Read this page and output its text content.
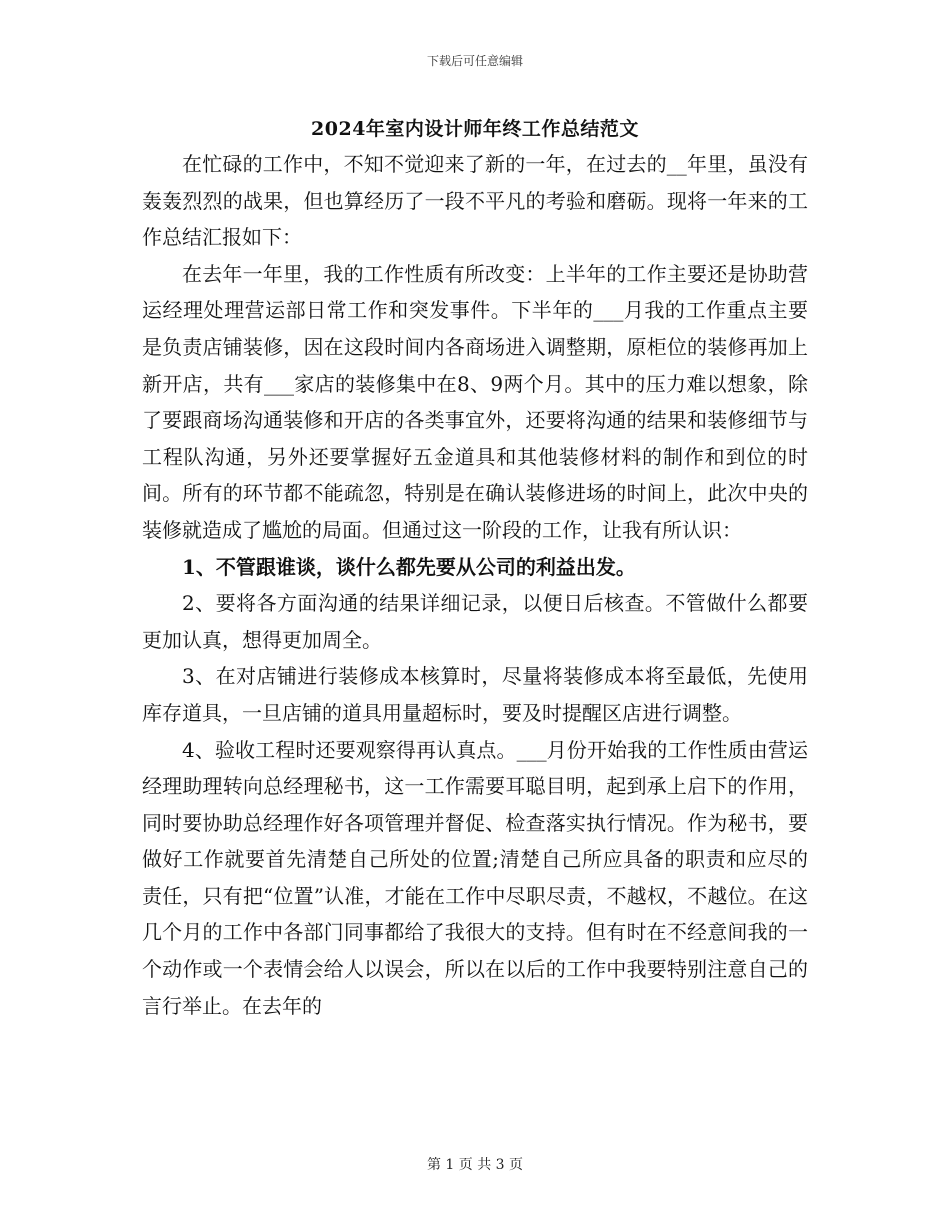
下载后可任意编辑
2024年室内设计师年终工作总结范文

在忙碌的工作中，不知不觉迎来了新的一年，在过去的__年里，虽没有轰轰烈烈的战果，但也算经历了一段不平凡的考验和磨砺。现将一年来的工作总结汇报如下：

在去年一年里，我的工作性质有所改变：上半年的工作主要还是协助营运经理处理营运部日常工作和突发事件。下半年的___月我的工作重点主要是负责店铺装修，因在这段时间内各商场进入调整期，原柜位的装修再加上新开店，共有___家店的装修集中在8、9两个月。其中的压力难以想象，除了要跟商场沟通装修和开店的各类事宜外，还要将沟通的结果和装修细节与工程队沟通，另外还要掌握好五金道具和其他装修材料的制作和到位的时间。所有的环节都不能疏忽，特别是在确认装修进场的时间上，此次中央的装修就造成了尴尬的局面。但通过这一阶段的工作，让我有所认识：

1、不管跟谁谈，谈什么都先要从公司的利益出发。

2、要将各方面沟通的结果详细记录，以便日后核查。不管做什么都要更加认真，想得更加周全。

3、在对店铺进行装修成本核算时，尽量将装修成本将至最低，先使用库存道具，一旦店铺的道具用量超标时，要及时提醒区店进行调整。

4、验收工程时还要观察得再认真点。___月份开始我的工作性质由营运经理助理转向总经理秘书，这一工作需要耳聪目明，起到承上启下的作用，同时要协助总经理作好各项管理并督促、检查落实执行情况。作为秘书，要做好工作就要首先清楚自己所处的位置;清楚自己所应具备的职责和应尽的责任，只有把“位置”认准，才能在工作中尽职尽责，不越权，不越位。在这几个月的工作中各部门同事都给了我很大的支持。但有时在不经意间我的一个动作或一个表情会给人以误会，所以在以后的工作中我要特别注意自己的言行举止。在去年的

第 1 页 共 3 页
